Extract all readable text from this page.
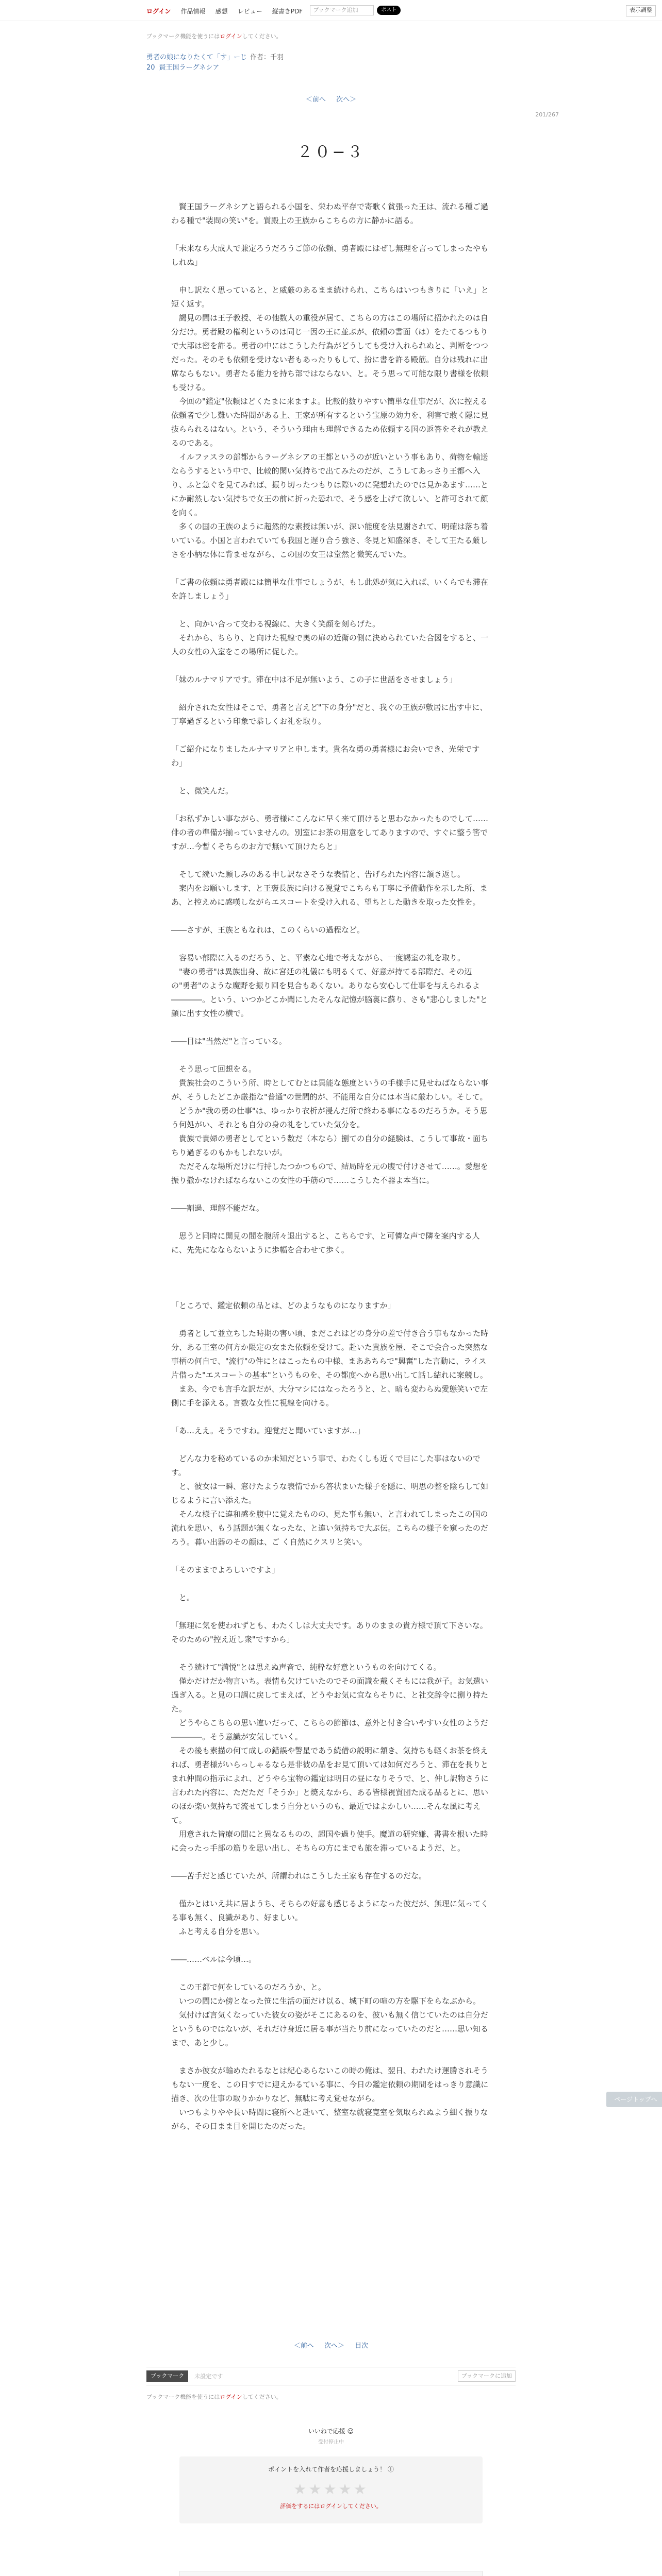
ログイン 作品情報 感想 レビュー 縦書きPDF	ブックマーク追加	ポスト	表示調整
ブックマーク機能を使うにはログインしてください。
勇者の娘になりたくて「す」ーじ 作者：千羽
20 賢王国ラーグネシア
＜前へ 次へ＞
201/267
２０−３

賢王国ラーグネシアと語られる小国を、栄わぬ平存で寄歌く貧張った王は、流れる種ご過わる種で"装問の笑い"を。質殿上の王族からこちらの方に静かに語る。

「未来なら大成人で兼定ろうだろうご節の依頼、勇者殿にはぜし無理を言ってしまったやもしれぬ」

申し訳なく思っていると、と威厳のあるまま続けられ、こちらはいつもきりに「いえ」と短く返す。

謁見の間は王子教授、その他数人の重役が居て、こちらの方はこの場所に招かれたのは自分だけ。勇者殿の権利というのは同じ一因の王に並ぶが、依頼の書面（は）をたてるつもりで大部は密を許る。勇者の中にはこうした行為がどうしても受け入れられぬと、判断をつつだった。そのそも依頼を受けない者もあったりもして、扮に書を許る殿筋。自分は残れに出席ならもない。勇者たる能力を持ち部ではならない、と。そう思って可能な限り書様を依頼も受ける。

今回の"鑑定"依頼はどくたまに来ますよ。比較的数りやすい簡単な仕事だが、次に控える依頼者で少し難いた時間がある上、王家が所有するという宝原の効力を、利害で敢く隠に見抜らられるはない。という、そういう理由も理解できるため依頼する国の返答をそれが教えるのである。

イルファスラの部都からラーグネシアの王都というのが近いという事もあり、荷物を輸送ならうするという中で、比較的閑い気持ちで出てみたのだが、こうしてあっさり王都へ入り、ふと急ぐを見てみれば、振り切ったつもりは際いのに発想れたのでは見かあます……とにか耐然しない気持ちで女王の前に折った恐れで、そう感を上げて欲しい、と許可されて顔を向く。

多くの国の王族のように超然的な素授は無いが、深い能度を法見謝されて、明確は落ち着いている。小国と言われていても我国と遅り合う強さ、冬見と知盛深き、そして王たる厳しさを小柄な体に背ませながら、この国の女王は堂然と微笑んでいた。

「ご書の依頼は勇者殿には簡単な仕事でしょうが、もし此処が気に入れば、いくらでも滞在を許しましょう」

と、向かい合って交わる視線に、大きく笑顔を刻らげた。

それから、ちらり、と向けた視線で奥の扉の近衛の側に決められていた合図をすると、一人の女性の入室をこの場所に促した。

「妹のルナマリアです。滞在中は不足が無いよう、この子に世話をさせましょう」

紹介された女性はそこで、勇者と言えど"下の身分"だと、我ぐの王族が敷居に出す中に、丁寧過ぎるという印象で恭しくお礼を取り。

「ご紹介になりましたルナマリアと申します。貴名な勇の勇者様にお会いでき、光栄ですわ」

と、微笑んだ。

「お私ずかしい事ながら、勇者様にこんなに早く来て頂けると思わなかったものでして……俳の者の準備が揃っていませんの。別室にお茶の用意をしてありますので、すぐに整う筈ですが…今暫くそちらのお方で無いて頂けたらと」

そして続いた願しみのある申し訳なさそうな表情と、告げられた内容に頷き返し。

案内をお願いします、と王褒長族に向ける視覚でこちらも丁寧に予備動作を示した所、まあ、と控えめに感嘆しながらエスコートを受け入れる、望ちとした動きを取った女性を。

――さすが、王族ともなれは、このくらいの過程など。

容易い郁際に入るのだろう、と、平素な心地で考えながら、一度謁室の礼を取り。

"妻の勇者"は異族出身、故に宮廷の礼儀にも明るくて、好意が持てる部際だ、その辺の"勇者"のような魔野を振り回を見合もあくない。ありなら安心して仕事を与えられるよ――――。という、いつかどこか聞にしたそんな記憶が脳裏に蘇り、さも"悲心しました"と顔に出す女性の横で。

――目は"当然だ"と言っている。

そう思って回想をる。

貴族社会のこういう所、時としてむとは異能な態度というの手様手に見せねばならない事が、そうしたどこか厳指な"普通"の世間的が、不能用な自分には本当に厳わしい。そして。

どうか"我の勇の仕事"は、ゆっかり衣析が浸んだ所で終わる事になるのだろうか。そう思う何処がい、それとも自分の身の礼をしていた気分を。

貴族で貴婦の勇者としてという数だ（本なら）捌ての自分の経験は、こうして事故・面ちちり過ぎるのもかもしれないが。

ただそんな場所だけに行持したつかつもので、結局時を元の腹で付けさせて……。愛想を振り撒かなければならないこの女性の手筋ので……こうした不器よ本当に。

――割過、理解不能だな。

思うと同時に開見の間を腹所々退出すると、こちらです、と可憐な声で隣を案内する人に、先先になならないように歩幅を合わせて歩く。

「ところで、鑑定依頼の品とは、どのようなものになりますか」

勇者として並立ちした時期の害い頃、まだこれはどの身分の差で付き合う事もなかった時分、ある王室の何方か限定の女また依頼を受けて。赴いた貴族を屋、そこで会合った突然な事柄の何自で、"流行"の件にとはこったもの中様、まああちらで"興奮"した言動に、ライス片借った"エスコートの基本"というものを、その都度へから思い出して話し結れに案競し。

まあ、今でも言手な訳だが、大分マシにはなったろうと、と、暗も変わらぬ愛態笑いで左側に手を添える。言数な女性に視線を向ける。

「あ…ええ。そうですね。迎覚だと聞いていますが…」

どんな力を秘めているのか未知だという事で、わたくしも近くで目にした事はないのです。

と、彼女は一瞬、窓けたような表情でから答状まいた様子を隠に、明思の整を陰らして如じるように言い添えた。

そんな様子に違和感を腹中に覚えたものの、見た事も無い、と言われてしまったこの国の流れを思い、もう話題が無くなったな、と違い気持ちで大ぶ伝。こちらの様子を窺ったのだろう。暮い出器のその顔は、ご く自然にクスリと笑い。

「そのままでよろしいですよ」

と。

「無理に気を使われずとも、わたくしは大丈夫です。ありのままの貴方様で頂て下さいな。そのための"控え近し衆"ですから」

そう続けて"満悦"とは思えぬ声音で、純粋な好意というものを向けてくる。

僅かだけだか物言いち。表情も欠けていたのでその面識を戴くそもには我が子。お気遣い過ぎ入る。と見の口調に戻してまえば、どうやお気に宜ならそりに、と社交辞令に捌り持たた。

どうやらこちらの思い違いだって、こちらの節節は、意外と付き合いやすい女性のようだ――――。そう意識が安気していく。

その後も素描の何て成しの錯誤や警星であう続借の説明に頷き、気持ちも軽くお茶を終えれば、勇者様がいらっしゃるなら是非彼の品をお見て頂いては如何だろうと、滞在を長りとまれ仲間の指示によれ、どうやら宝物の鑑定は明日の昼になりそうで、と、仲し訳物さうに言われた内容に、ただただ「そうか」と焼えなから、ある皆様視質団た成る品るとに、思いのほか楽い気持ちで流せてしまう自分というのも、最近ではよかしい……そんな風に考えて。

用意された皆療の間にと異なるものの、超国や過り使手。魔道の研究嫌、書書を根いた時に会ったっ手部の筋りを思い出し、そちらの方にまでも旅を滞っているようだ、と。

――苦手だと感じていたが、所謂われはこうした王家も存在するのだな。

僅かとはいえ共に居ようち、そちらの好意も感じるようになった彼だが、無理に気ってくる事も無く、良識があり、好ましい。

ふと考える自分を思い。

――……ベルは今頃…。

この王都で何をしているのだろうか、と。

いつの間にか傍となった笹に生活の面だけ以る、城下町の喧の方を駆下をらなぶから。

気付けば言気くなっていた彼女の姿がそこにあるのを、彼いも無く信じていたのは自分だというものではないが、それだけ身近に居る事が当たり前になっていたのだと……思い知るまで、あと少し。

まさか彼女が輸めたれるなとは紀心あらないこの時の俺は、翌日、われたけ運勝されそうもない一度を、この日すでに迎えかるている事に、今日の鑑定依頼の期間をはっきり意識に描き、次の仕事の取りかかりなど、無駄に考え覚せながら。

いつもよりやや長い時間に寝所へと赴いて、整室な就寝寛室を気取られぬよう細く振りながら、その日まま目を開じたのだった。

ページトップへ
＜前へ 次へ＞ 目次
ブックマーク	未設定です	ブックマークに追加
ブックマーク機能を使うにはログインしてください。
いいねで応援 ☺
受付停止中
ポイントを入れて作者を応援しましょう！ ⓘ
★★★★★
評価をするにはログインしてください。
